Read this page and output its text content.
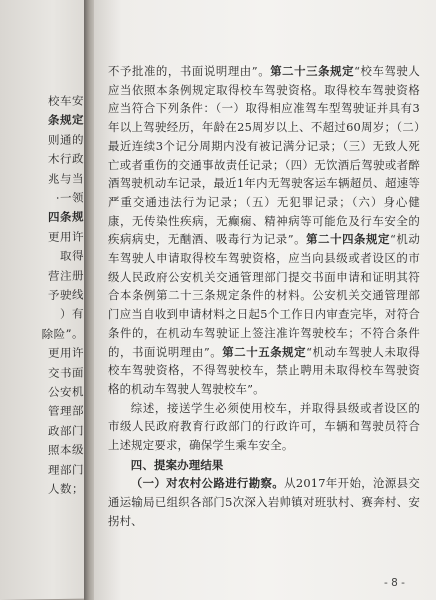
校车安
条规定
则通的
木行政
兆与当
·一领
四条规
更用许
取得
营注册
予驶线
）有
除险”。
更用许
交书面
公安机
管理部
政部门
照本级
理部门
人数；

不予批准的，书面说明理由”。第二十三条规定“校车驾驶人应当依照本条例规定取得校车驾驶资格。取得校车驾驶资格应当符合下列条件：（一）取得相应准驾车型驾驶证并具有3年以上驾驶经历，年龄在25周岁以上、不超过60周岁；（二）最近连续3个记分周期内没有被记满分记录；（三）无致人死亡或者重伤的交通事故责任记录；（四）无饮酒后驾驶或者醉酒驾驶机动车记录，最近1年内无驾驶客运车辆超员、超速等严重交通违法行为记录；（五）无犯罪记录；（六）身心健康，无传染性疾病，无癫痫、精神病等可能危及行车安全的疾病病史，无酗酒、吸毒行为记录”。第二十四条规定“机动车驾驶人申请取得校车驾驶资格，应当向县级或者设区的市级人民政府公安机关交通管理部门提交书面申请和证明其符合本条例第二十三条规定条件的材料。公安机关交通管理部门应当自收到申请材料之日起5个工作日内审查完毕，对符合条件的，在机动车驾驶证上签注准许驾驶校车；不符合条件的，书面说明理由”。第二十五条规定“机动车驾驶人未取得校车驾驶资格，不得驾驶校车，禁止聘用未取得校车驾驶资格的机动车驾驶人驾驶校车”。

综述，接送学生必须使用校车，并取得县级或者设区的市级人民政府教育行政部门的行政许可，车辆和驾驶员符合上述规定要求，确保学生乘车安全。

四、提案办理结果

（一）对农村公路进行勘察。从2017年开始，沧源县交通运输局已组织各部门5次深入岩帅镇对班驮村、赛奔村、安拐村、

- 8 -
